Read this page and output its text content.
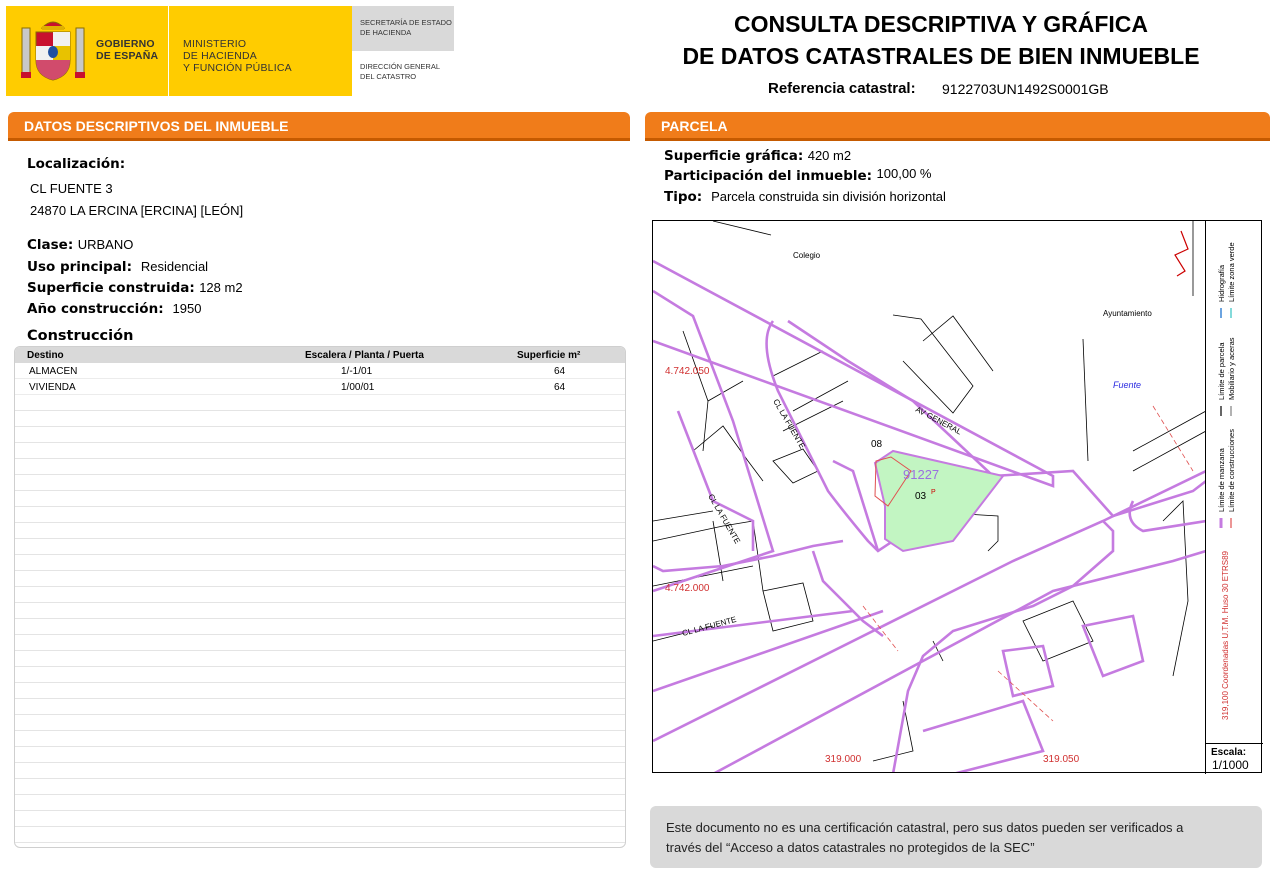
GOBIERNO
DE ESPAÑA
MINISTERIO
DE HACIENDA
Y FUNCIÓN PÚBLICA
SECRETARÍA DE ESTADO
DE HACIENDA
DIRECCIÓN GENERAL
DEL CATASTRO
CONSULTA DESCRIPTIVA Y GRÁFICA
DE DATOS CATASTRALES DE BIEN INMUEBLE
Referencia catastral: 9122703UN1492S0001GB
DATOS DESCRIPTIVOS DEL INMUEBLE
Localización:
CL FUENTE 3
24870 LA ERCINA [ERCINA] [LEÓN]
Clase: URBANO
Uso principal: Residencial
Superficie construida: 128 m2
Año construcción: 1950
Construcción
Destino	Escalera / Planta / Puerta	Superficie m²
ALMACEN	1/-1/01	64
VIVIENDA	1/00/01	64
PARCELA
Superficie gráfica: 420 m2
Participación del inmueble: 100,00 %
Tipo: Parcela construida sin división horizontal
Colegio
Ayuntamiento
AV GENERAL
CL LA FUENTE
CL LA FUENTE
CL LA FUENTE
Fuente
91227
03 P
08
4.742.050
4.742.000
319.000	319.050
Hidrografía Límite zona verde
Límite de parcela Mobiliario y aceras
Límite de manzana Límite de construcciones
319,100 Coordenadas U.T.M. Huso 30 ETRS89
Escala:
1/1000
Este documento no es una certificación catastral, pero sus datos pueden ser verificados a
través del “Acceso a datos catastrales no protegidos de la SEC”
